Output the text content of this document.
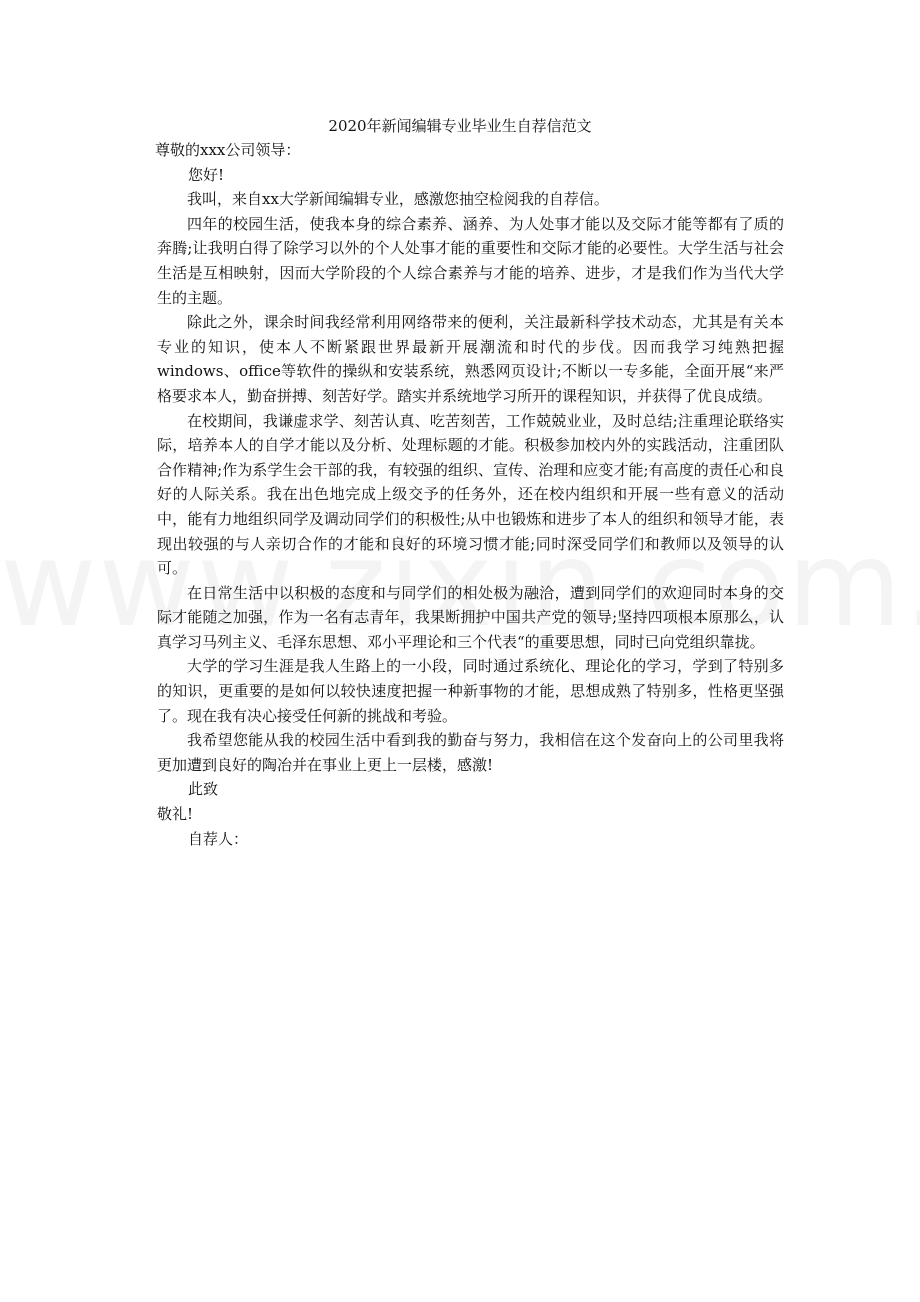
2020年新闻编辑专业毕业生自荐信范文

尊敬的xxx公司领导：

您好!

我叫，来自xx大学新闻编辑专业，感激您抽空检阅我的自荐信。

四年的校园生活，使我本身的综合素养、涵养、为人处事才能以及交际才能等都有了质的奔腾;让我明白得了除学习以外的个人处事才能的重要性和交际才能的必要性。大学生活与社会生活是互相映射，因而大学阶段的个人综合素养与才能的培养、进步，才是我们作为当代大学生的主题。

除此之外，课余时间我经常利用网络带来的便利，关注最新科学技术动态，尤其是有关本专业的知识，使本人不断紧跟世界最新开展潮流和时代的步伐。因而我学习纯熟把握windows、office等软件的操纵和安装系统，熟悉网页设计;不断以一专多能，全面开展“来严格要求本人，勤奋拼搏、刻苦好学。踏实并系统地学习所开的课程知识，并获得了优良成绩。

在校期间，我谦虚求学、刻苦认真、吃苦刻苦，工作兢兢业业，及时总结;注重理论联络实际，培养本人的自学才能以及分析、处理标题的才能。积极参加校内外的实践活动，注重团队合作精神;作为系学生会干部的我，有较强的组织、宣传、治理和应变才能;有高度的责任心和良好的人际关系。我在出色地完成上级交予的任务外，还在校内组织和开展一些有意义的活动中，能有力地组织同学及调动同学们的积极性;从中也锻炼和进步了本人的组织和领导才能，表现出较强的与人亲切合作的才能和良好的环境习惯才能;同时深受同学们和教师以及领导的认可。

在日常生活中以积极的态度和与同学们的相处极为融洽，遭到同学们的欢迎同时本身的交际才能随之加强，作为一名有志青年，我果断拥护中国共产党的领导;坚持四项根本原那么，认真学习马列主义、毛泽东思想、邓小平理论和三个代表“的重要思想，同时已向党组织靠拢。

大学的学习生涯是我人生路上的一小段，同时通过系统化、理论化的学习，学到了特别多的知识，更重要的是如何以较快速度把握一种新事物的才能，思想成熟了特别多，性格更坚强了。现在我有决心接受任何新的挑战和考验。

我希望您能从我的校园生活中看到我的勤奋与努力，我相信在这个发奋向上的公司里我将更加遭到良好的陶冶并在事业上更上一层楼，感激!

此致

敬礼!

自荐人：
